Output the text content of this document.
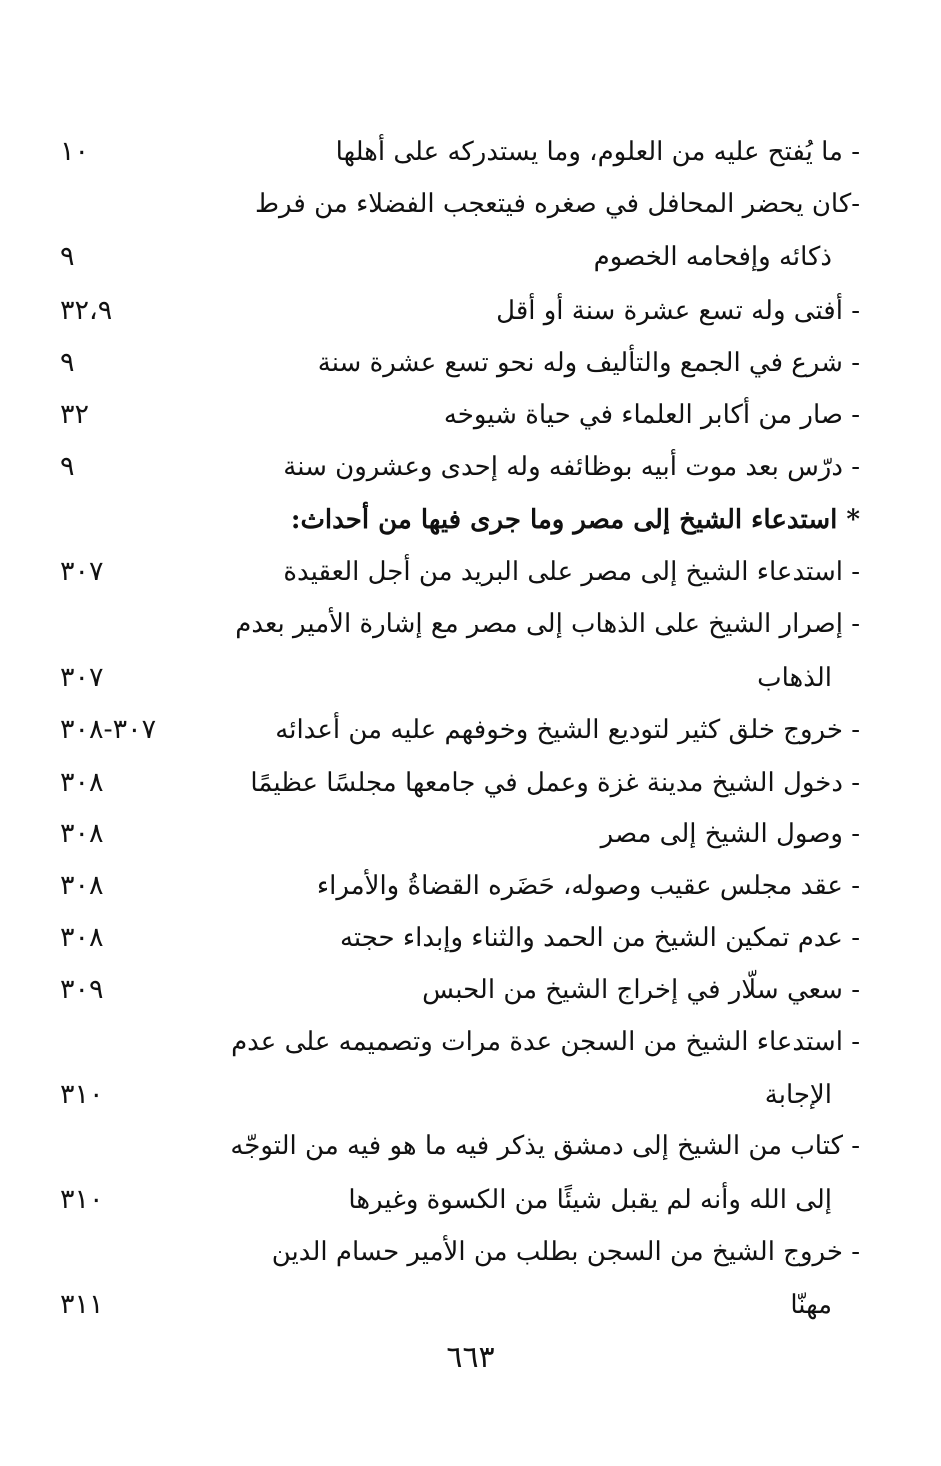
- ما يُفتح عليه من العلوم، وما يستدركه على أهلها
١٠
-كان يحضر المحافل في صغره فيتعجب الفضلاء من فرط
ذكائه وإفحامه الخصوم
٩
- أفتى وله تسع عشرة سنة أو أقل
٣٢،٩
- شرع في الجمع والتأليف وله نحو تسع عشرة سنة
٩
- صار من أكابر العلماء في حياة شيوخه
٣٢
- درّس بعد موت أبيه بوظائفه وله إحدى وعشرون سنة
٩
* استدعاء الشيخ إلى مصر وما جرى فيها من أحداث:
- استدعاء الشيخ إلى مصر على البريد من أجل العقيدة
٣٠٧
- إصرار الشيخ على الذهاب إلى مصر مع إشارة الأمير بعدم
الذهاب
٣٠٧
- خروج خلق كثير لتوديع الشيخ وخوفهم عليه من أعدائه
٣٠٧-٣٠٨
- دخول الشيخ مدينة غزة وعمل في جامعها مجلسًا عظيمًا
٣٠٨
- وصول الشيخ إلى مصر
٣٠٨
- عقد مجلس عقيب وصوله، حَضَره القضاةُ والأمراء
٣٠٨
- عدم تمكين الشيخ من الحمد والثناء وإبداء حجته
٣٠٨
- سعي سلّار في إخراج الشيخ من الحبس
٣٠٩
- استدعاء الشيخ من السجن عدة مرات وتصميمه على عدم
الإجابة
٣١٠
- كتاب من الشيخ إلى دمشق يذكر فيه ما هو فيه من التوجّه
إلى الله وأنه لم يقبل شيئًا من الكسوة وغيرها
٣١٠
- خروج الشيخ من السجن بطلب من الأمير حسام الدين
مهنّا
٣١١
٦٦٣
